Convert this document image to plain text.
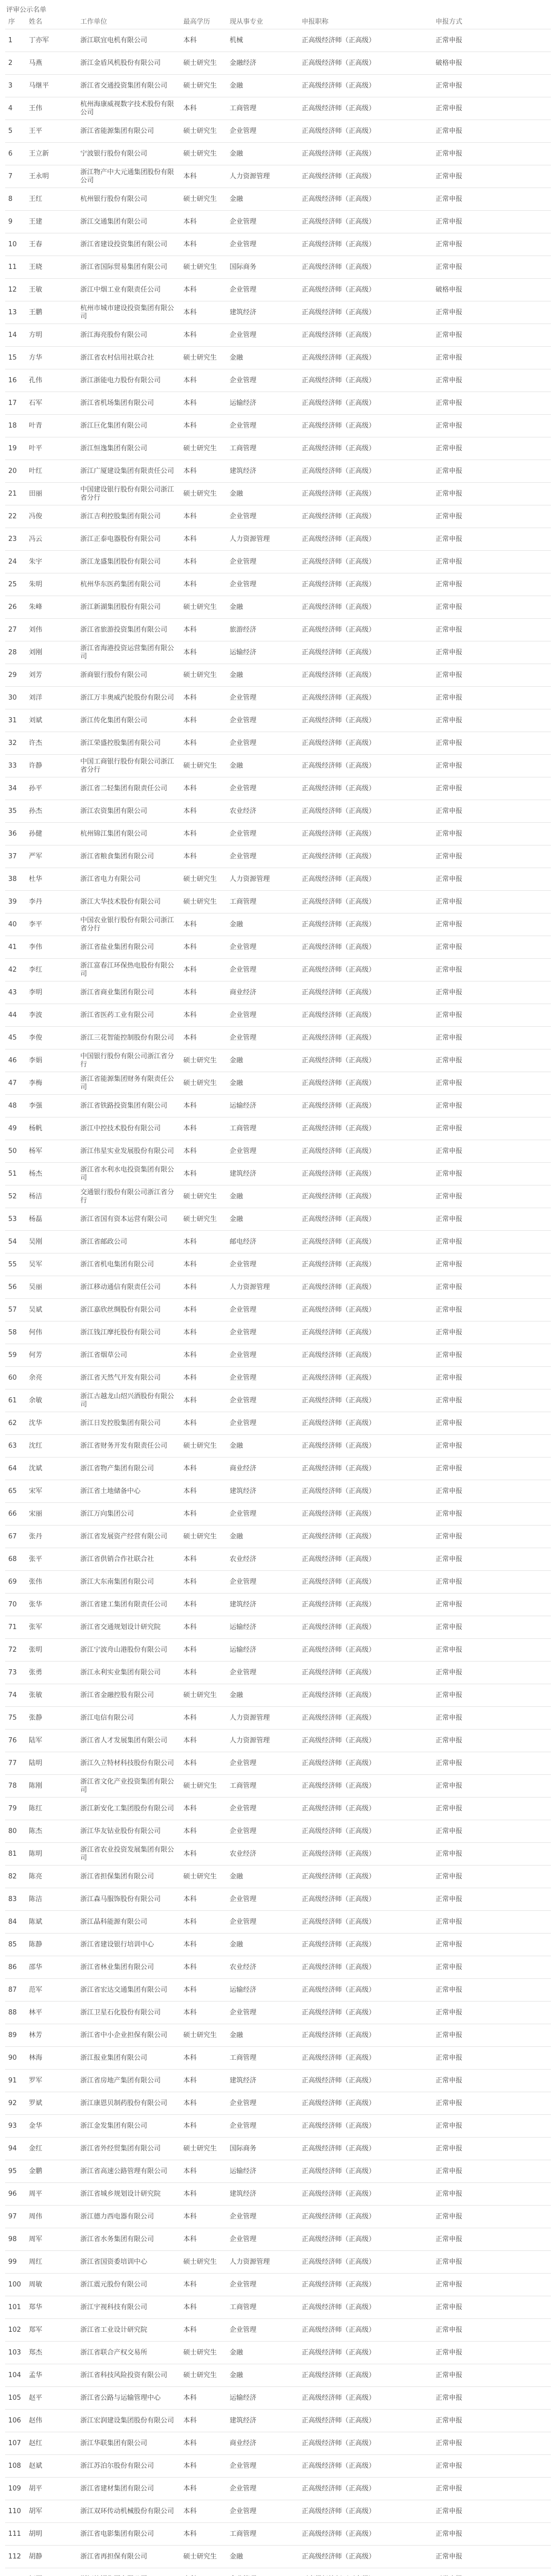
评审公示名单
序	姓名	工作单位	最高学历	现从事专业	申报职称	申报方式
1	丁亦军	浙江联宜电机有限公司	本科	机械	正高级经济师（正高级）	正常申报
2	马燕	浙江金盾风机股份有限公司	硕士研究生	金融经济	正高级经济师（正高级）	破格申报
3	马继平	浙江省交通投资集团有限公司	硕士研究生	金融	正高级经济师（正高级）	正常申报
4	王伟	杭州海康威视数字技术股份有限公司	本科	工商管理	正高级经济师（正高级）	正常申报
5	王平	浙江省能源集团有限公司	硕士研究生	企业管理	正高级经济师（正高级）	正常申报
6	王立新	宁波银行股份有限公司	硕士研究生	金融	正高级经济师（正高级）	正常申报
7	王永明	浙江物产中大元通集团股份有限公司	本科	人力资源管理	正高级经济师（正高级）	正常申报
8	王红	杭州银行股份有限公司	硕士研究生	金融	正高级经济师（正高级）	正常申报
9	王建	浙江交通集团有限公司	本科	企业管理	正高级经济师（正高级）	正常申报
10	王春	浙江省建设投资集团有限公司	本科	企业管理	正高级经济师（正高级）	正常申报
11	王晓	浙江省国际贸易集团有限公司	硕士研究生	国际商务	正高级经济师（正高级）	正常申报
12	王敏	浙江中烟工业有限责任公司	本科	企业管理	正高级经济师（正高级）	破格申报
13	王鹏	杭州市城市建设投资集团有限公司	本科	建筑经济	正高级经济师（正高级）	正常申报
14	方明	浙江海亮股份有限公司	本科	企业管理	正高级经济师（正高级）	正常申报
15	方华	浙江省农村信用社联合社	硕士研究生	金融	正高级经济师（正高级）	正常申报
16	孔伟	浙江浙能电力股份有限公司	本科	企业管理	正高级经济师（正高级）	正常申报
17	石军	浙江省机场集团有限公司	本科	运输经济	正高级经济师（正高级）	正常申报
18	叶青	浙江巨化集团有限公司	本科	企业管理	正高级经济师（正高级）	正常申报
19	叶平	浙江恒逸集团有限公司	硕士研究生	工商管理	正高级经济师（正高级）	正常申报
20	叶红	浙江广厦建设集团有限责任公司	本科	建筑经济	正高级经济师（正高级）	正常申报
21	田丽	中国建设银行股份有限公司浙江省分行	硕士研究生	金融	正高级经济师（正高级）	正常申报
22	冯俊	浙江吉利控股集团有限公司	本科	企业管理	正高级经济师（正高级）	正常申报
23	冯云	浙江正泰电器股份有限公司	本科	人力资源管理	正高级经济师（正高级）	正常申报
24	朱宇	浙江龙盛集团股份有限公司	本科	企业管理	正高级经济师（正高级）	正常申报
25	朱明	杭州华东医药集团有限公司	本科	企业管理	正高级经济师（正高级）	正常申报
26	朱峰	浙江新湖集团股份有限公司	硕士研究生	金融	正高级经济师（正高级）	正常申报
27	刘伟	浙江省旅游投资集团有限公司	本科	旅游经济	正高级经济师（正高级）	正常申报
28	刘刚	浙江省海港投资运营集团有限公司	本科	运输经济	正高级经济师（正高级）	正常申报
29	刘芳	浙商银行股份有限公司	硕士研究生	金融	正高级经济师（正高级）	正常申报
30	刘洋	浙江万丰奥威汽轮股份有限公司	本科	企业管理	正高级经济师（正高级）	正常申报
31	刘斌	浙江传化集团有限公司	本科	企业管理	正高级经济师（正高级）	正常申报
32	许杰	浙江荣盛控股集团有限公司	本科	企业管理	正高级经济师（正高级）	正常申报
33	许静	中国工商银行股份有限公司浙江省分行	硕士研究生	金融	正高级经济师（正高级）	正常申报
34	孙平	浙江省二轻集团有限责任公司	本科	企业管理	正高级经济师（正高级）	正常申报
35	孙杰	浙江农资集团有限公司	本科	农业经济	正高级经济师（正高级）	正常申报
36	孙健	杭州锦江集团有限公司	本科	企业管理	正高级经济师（正高级）	正常申报
37	严军	浙江省粮食集团有限公司	本科	企业管理	正高级经济师（正高级）	正常申报
38	杜华	浙江省电力有限公司	硕士研究生	人力资源管理	正高级经济师（正高级）	正常申报
39	李丹	浙江大华技术股份有限公司	硕士研究生	工商管理	正高级经济师（正高级）	正常申报
40	李平	中国农业银行股份有限公司浙江省分行	本科	金融	正高级经济师（正高级）	正常申报
41	李伟	浙江省盐业集团有限公司	本科	企业管理	正高级经济师（正高级）	正常申报
42	李红	浙江富春江环保热电股份有限公司	本科	企业管理	正高级经济师（正高级）	正常申报
43	李明	浙江省商业集团有限公司	本科	商业经济	正高级经济师（正高级）	正常申报
44	李波	浙江省医药工业有限公司	本科	企业管理	正高级经济师（正高级）	正常申报
45	李俊	浙江三花智能控制股份有限公司	本科	企业管理	正高级经济师（正高级）	正常申报
46	李娟	中国银行股份有限公司浙江省分行	硕士研究生	金融	正高级经济师（正高级）	正常申报
47	李梅	浙江省能源集团财务有限责任公司	硕士研究生	金融	正高级经济师（正高级）	正常申报
48	李强	浙江省铁路投资集团有限公司	本科	运输经济	正高级经济师（正高级）	正常申报
49	杨帆	浙江中控技术股份有限公司	本科	工商管理	正高级经济师（正高级）	正常申报
50	杨军	浙江伟星实业发展股份有限公司	本科	企业管理	正高级经济师（正高级）	正常申报
51	杨杰	浙江省水利水电投资集团有限公司	本科	建筑经济	正高级经济师（正高级）	正常申报
52	杨洁	交通银行股份有限公司浙江省分行	硕士研究生	金融	正高级经济师（正高级）	正常申报
53	杨磊	浙江省国有资本运营有限公司	硕士研究生	金融	正高级经济师（正高级）	正常申报
54	吴刚	浙江省邮政公司	本科	邮电经济	正高级经济师（正高级）	正常申报
55	吴军	浙江省机电集团有限公司	本科	企业管理	正高级经济师（正高级）	正常申报
56	吴丽	浙江移动通信有限责任公司	本科	人力资源管理	正高级经济师（正高级）	正常申报
57	吴斌	浙江嘉欣丝绸股份有限公司	本科	企业管理	正高级经济师（正高级）	正常申报
58	何伟	浙江钱江摩托股份有限公司	本科	企业管理	正高级经济师（正高级）	正常申报
59	何芳	浙江省烟草公司	本科	企业管理	正高级经济师（正高级）	正常申报
60	余亮	浙江省天然气开发有限公司	本科	企业管理	正高级经济师（正高级）	正常申报
61	余敏	浙江古越龙山绍兴酒股份有限公司	本科	企业管理	正高级经济师（正高级）	正常申报
62	沈华	浙江日发控股集团有限公司	本科	企业管理	正高级经济师（正高级）	正常申报
63	沈红	浙江省财务开发有限责任公司	硕士研究生	金融	正高级经济师（正高级）	正常申报
64	沈斌	浙江省物产集团有限公司	本科	商业经济	正高级经济师（正高级）	正常申报
65	宋军	浙江省土地储备中心	本科	建筑经济	正高级经济师（正高级）	正常申报
66	宋丽	浙江万向集团公司	本科	企业管理	正高级经济师（正高级）	正常申报
67	张丹	浙江省发展资产经营有限公司	硕士研究生	金融	正高级经济师（正高级）	正常申报
68	张平	浙江省供销合作社联合社	本科	农业经济	正高级经济师（正高级）	正常申报
69	张伟	浙江大东南集团有限公司	本科	企业管理	正高级经济师（正高级）	正常申报
70	张华	浙江省建工集团有限责任公司	本科	建筑经济	正高级经济师（正高级）	正常申报
71	张军	浙江省交通规划设计研究院	本科	运输经济	正高级经济师（正高级）	正常申报
72	张明	浙江宁波舟山港股份有限公司	本科	运输经济	正高级经济师（正高级）	正常申报
73	张勇	浙江永利实业集团有限公司	本科	企业管理	正高级经济师（正高级）	正常申报
74	张敏	浙江省金融控股有限公司	硕士研究生	金融	正高级经济师（正高级）	正常申报
75	张静	浙江电信有限公司	本科	人力资源管理	正高级经济师（正高级）	正常申报
76	陆军	浙江省人才发展集团有限公司	本科	人力资源管理	正高级经济师（正高级）	正常申报
77	陆明	浙江久立特材科技股份有限公司	本科	企业管理	正高级经济师（正高级）	正常申报
78	陈刚	浙江省文化产业投资集团有限公司	硕士研究生	工商管理	正高级经济师（正高级）	正常申报
79	陈红	浙江新安化工集团股份有限公司	本科	企业管理	正高级经济师（正高级）	正常申报
80	陈杰	浙江华友钴业股份有限公司	本科	企业管理	正高级经济师（正高级）	正常申报
81	陈明	浙江省农业投资发展集团有限公司	本科	农业经济	正高级经济师（正高级）	正常申报
82	陈亮	浙江省担保集团有限公司	硕士研究生	金融	正高级经济师（正高级）	正常申报
83	陈洁	浙江森马服饰股份有限公司	本科	企业管理	正高级经济师（正高级）	正常申报
84	陈斌	浙江晶科能源有限公司	本科	企业管理	正高级经济师（正高级）	正常申报
85	陈静	浙江省建设银行培训中心	本科	金融	正高级经济师（正高级）	正常申报
86	邵华	浙江省林业集团有限公司	本科	农业经济	正高级经济师（正高级）	正常申报
87	范军	浙江省宏达交通集团有限公司	本科	运输经济	正高级经济师（正高级）	正常申报
88	林平	浙江卫星石化股份有限公司	本科	企业管理	正高级经济师（正高级）	正常申报
89	林芳	浙江省中小企业担保有限公司	硕士研究生	金融	正高级经济师（正高级）	正常申报
90	林海	浙江报业集团有限公司	本科	工商管理	正高级经济师（正高级）	正常申报
91	罗军	浙江省房地产集团有限公司	本科	建筑经济	正高级经济师（正高级）	正常申报
92	罗斌	浙江康恩贝制药股份有限公司	本科	企业管理	正高级经济师（正高级）	正常申报
93	金华	浙江金发集团有限公司	本科	企业管理	正高级经济师（正高级）	正常申报
94	金红	浙江省外经贸集团有限公司	硕士研究生	国际商务	正高级经济师（正高级）	正常申报
95	金鹏	浙江省高速公路管理有限公司	本科	运输经济	正高级经济师（正高级）	正常申报
96	周平	浙江省城乡规划设计研究院	本科	建筑经济	正高级经济师（正高级）	正常申报
97	周伟	浙江德力西电器有限公司	本科	企业管理	正高级经济师（正高级）	正常申报
98	周军	浙江省水务集团有限公司	本科	企业管理	正高级经济师（正高级）	正常申报
99	周红	浙江省国资委培训中心	硕士研究生	人力资源管理	正高级经济师（正高级）	正常申报
100	周敏	浙江震元股份有限公司	本科	企业管理	正高级经济师（正高级）	正常申报
101	郑华	浙江宇视科技有限公司	本科	工商管理	正高级经济师（正高级）	正常申报
102	郑军	浙江省工业设计研究院	本科	企业管理	正高级经济师（正高级）	正常申报
103	郑杰	浙江省联合产权交易所	硕士研究生	金融	正高级经济师（正高级）	正常申报
104	孟华	浙江省科技风险投资有限公司	硕士研究生	金融	正高级经济师（正高级）	正常申报
105	赵平	浙江省公路与运输管理中心	本科	运输经济	正高级经济师（正高级）	正常申报
106	赵伟	浙江宏润建设集团股份有限公司	本科	建筑经济	正高级经济师（正高级）	正常申报
107	赵红	浙江华联集团有限公司	本科	商业经济	正高级经济师（正高级）	正常申报
108	赵斌	浙江苏泊尔股份有限公司	本科	企业管理	正高级经济师（正高级）	正常申报
109	胡平	浙江省建材集团有限公司	本科	企业管理	正高级经济师（正高级）	正常申报
110	胡军	浙江双环传动机械股份有限公司	本科	企业管理	正高级经济师（正高级）	正常申报
111	胡明	浙江省电影集团有限公司	本科	工商管理	正高级经济师（正高级）	正常申报
112	胡静	浙江省再担保有限公司	硕士研究生	金融	正高级经济师（正高级）	正常申报
